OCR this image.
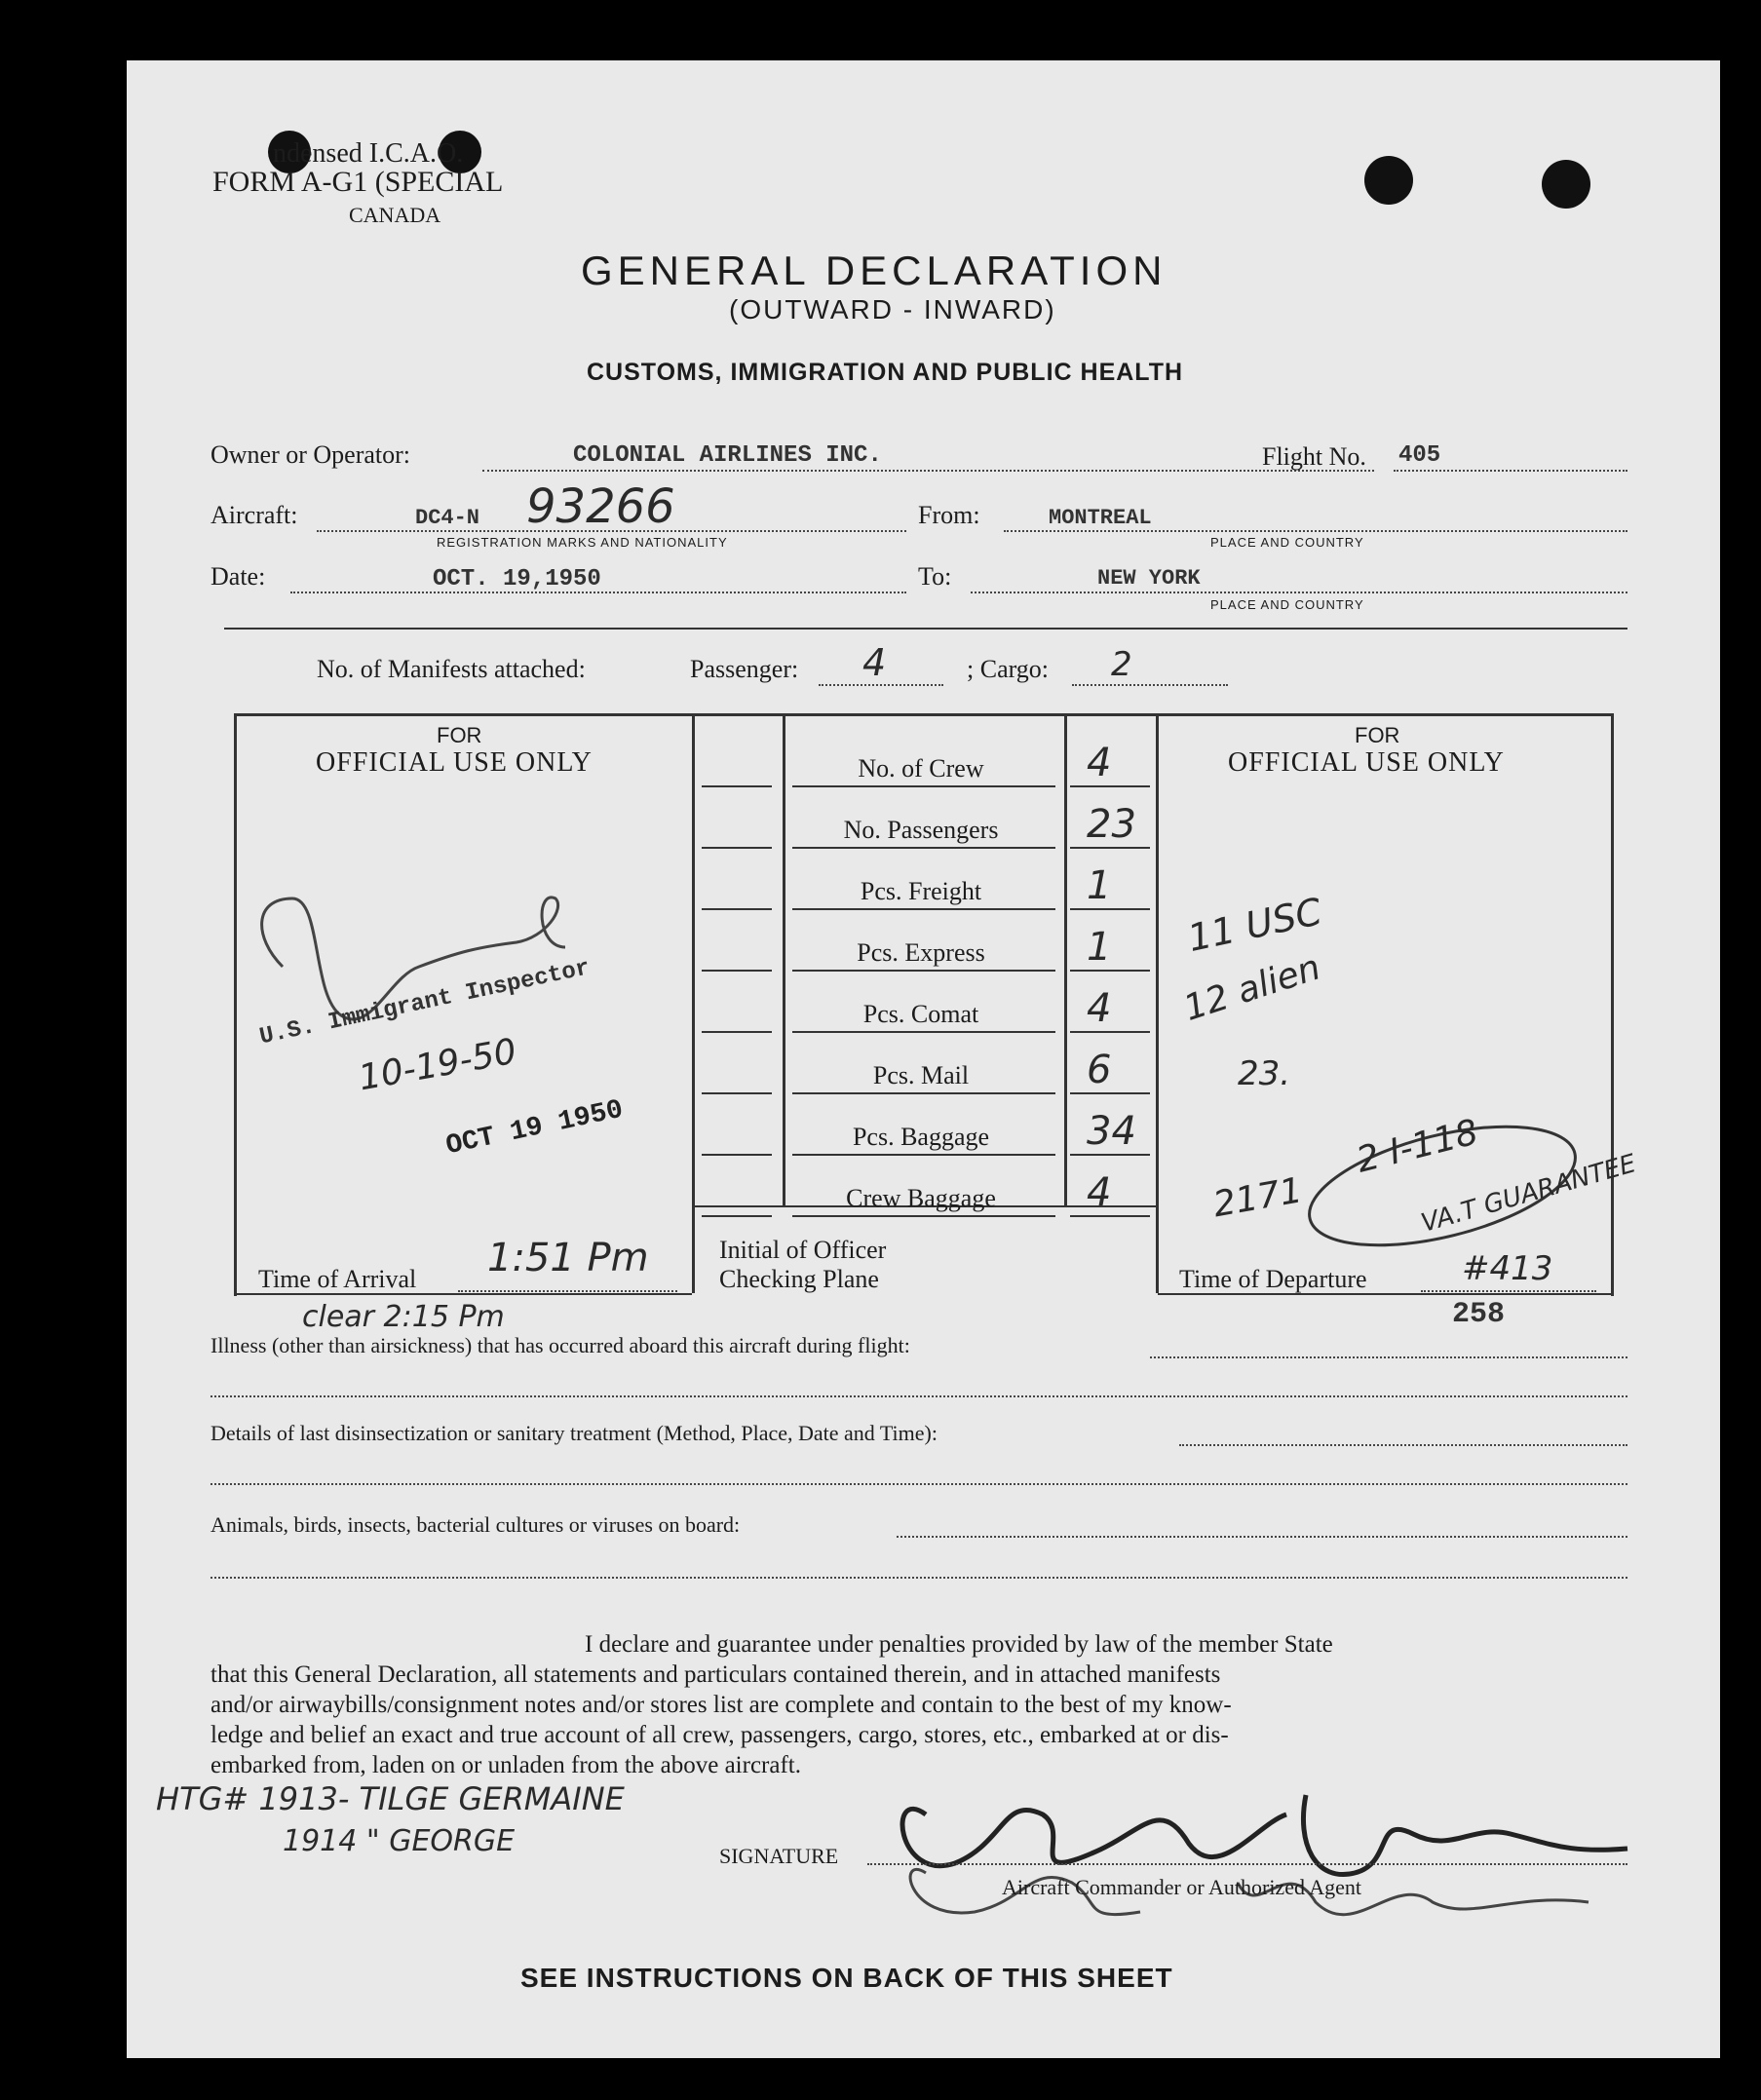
ndensed I.C.A.O.
FORM A-G1 (SPECIAL
CANADA
GENERAL DECLARATION
(OUTWARD - INWARD)
CUSTOMS, IMMIGRATION AND PUBLIC HEALTH
Owner or Operator:	COLONIAL AIRLINES INC.	Flight No. 405
Aircraft:	DC4-N 93266
REGISTRATION MARKS AND NATIONALITY
From:	MONTREAL
PLACE AND COUNTRY
Date:	OCT. 19,1950	To:	NEW YORK
PLACE AND COUNTRY
No. of Manifests attached:	Passenger: 4	; Cargo: 2
FOR
OFFICIAL USE ONLY
FOR
OFFICIAL USE ONLY
Initial of Officer
Checking Plane
Time of Arrival 1:51 Pm	Time of Departure
258
U.S. Immigrant Inspector
10-19-50
OCT 19 1950
11 USC
12 alien
23.
2171
2 I-118
VA.T GUARANTEE
#413
clear 2:15 Pm
Illness (other than airsickness) that has occurred aboard this aircraft during flight:
Details of last disinsectization or sanitary treatment (Method, Place, Date and Time):
Animals, birds, insects, bacterial cultures or viruses on board:
I declare and guarantee under penalties provided by law of the member State
that this General Declaration, all statements and particulars contained therein, and in attached manifests
and/or airwaybills/consignment notes and/or stores list are complete and contain to the best of my know-
ledge and belief an exact and true account of all crew, passengers, cargo, stores, etc., embarked at or dis-
embarked from, laden on or unladen from the above aircraft.
HTG# 1913- TILGE GERMAINE
1914 " GEORGE	SIGNATURE
Aircraft Commander or Authorized Agent
SEE INSTRUCTIONS ON BACK OF THIS SHEET
No. of Crew	4
No. Passengers	23
Pcs. Freight	1
Pcs. Express	1
Pcs. Comat	4
Pcs. Mail	6
Pcs. Baggage	34
Crew Baggage	4
